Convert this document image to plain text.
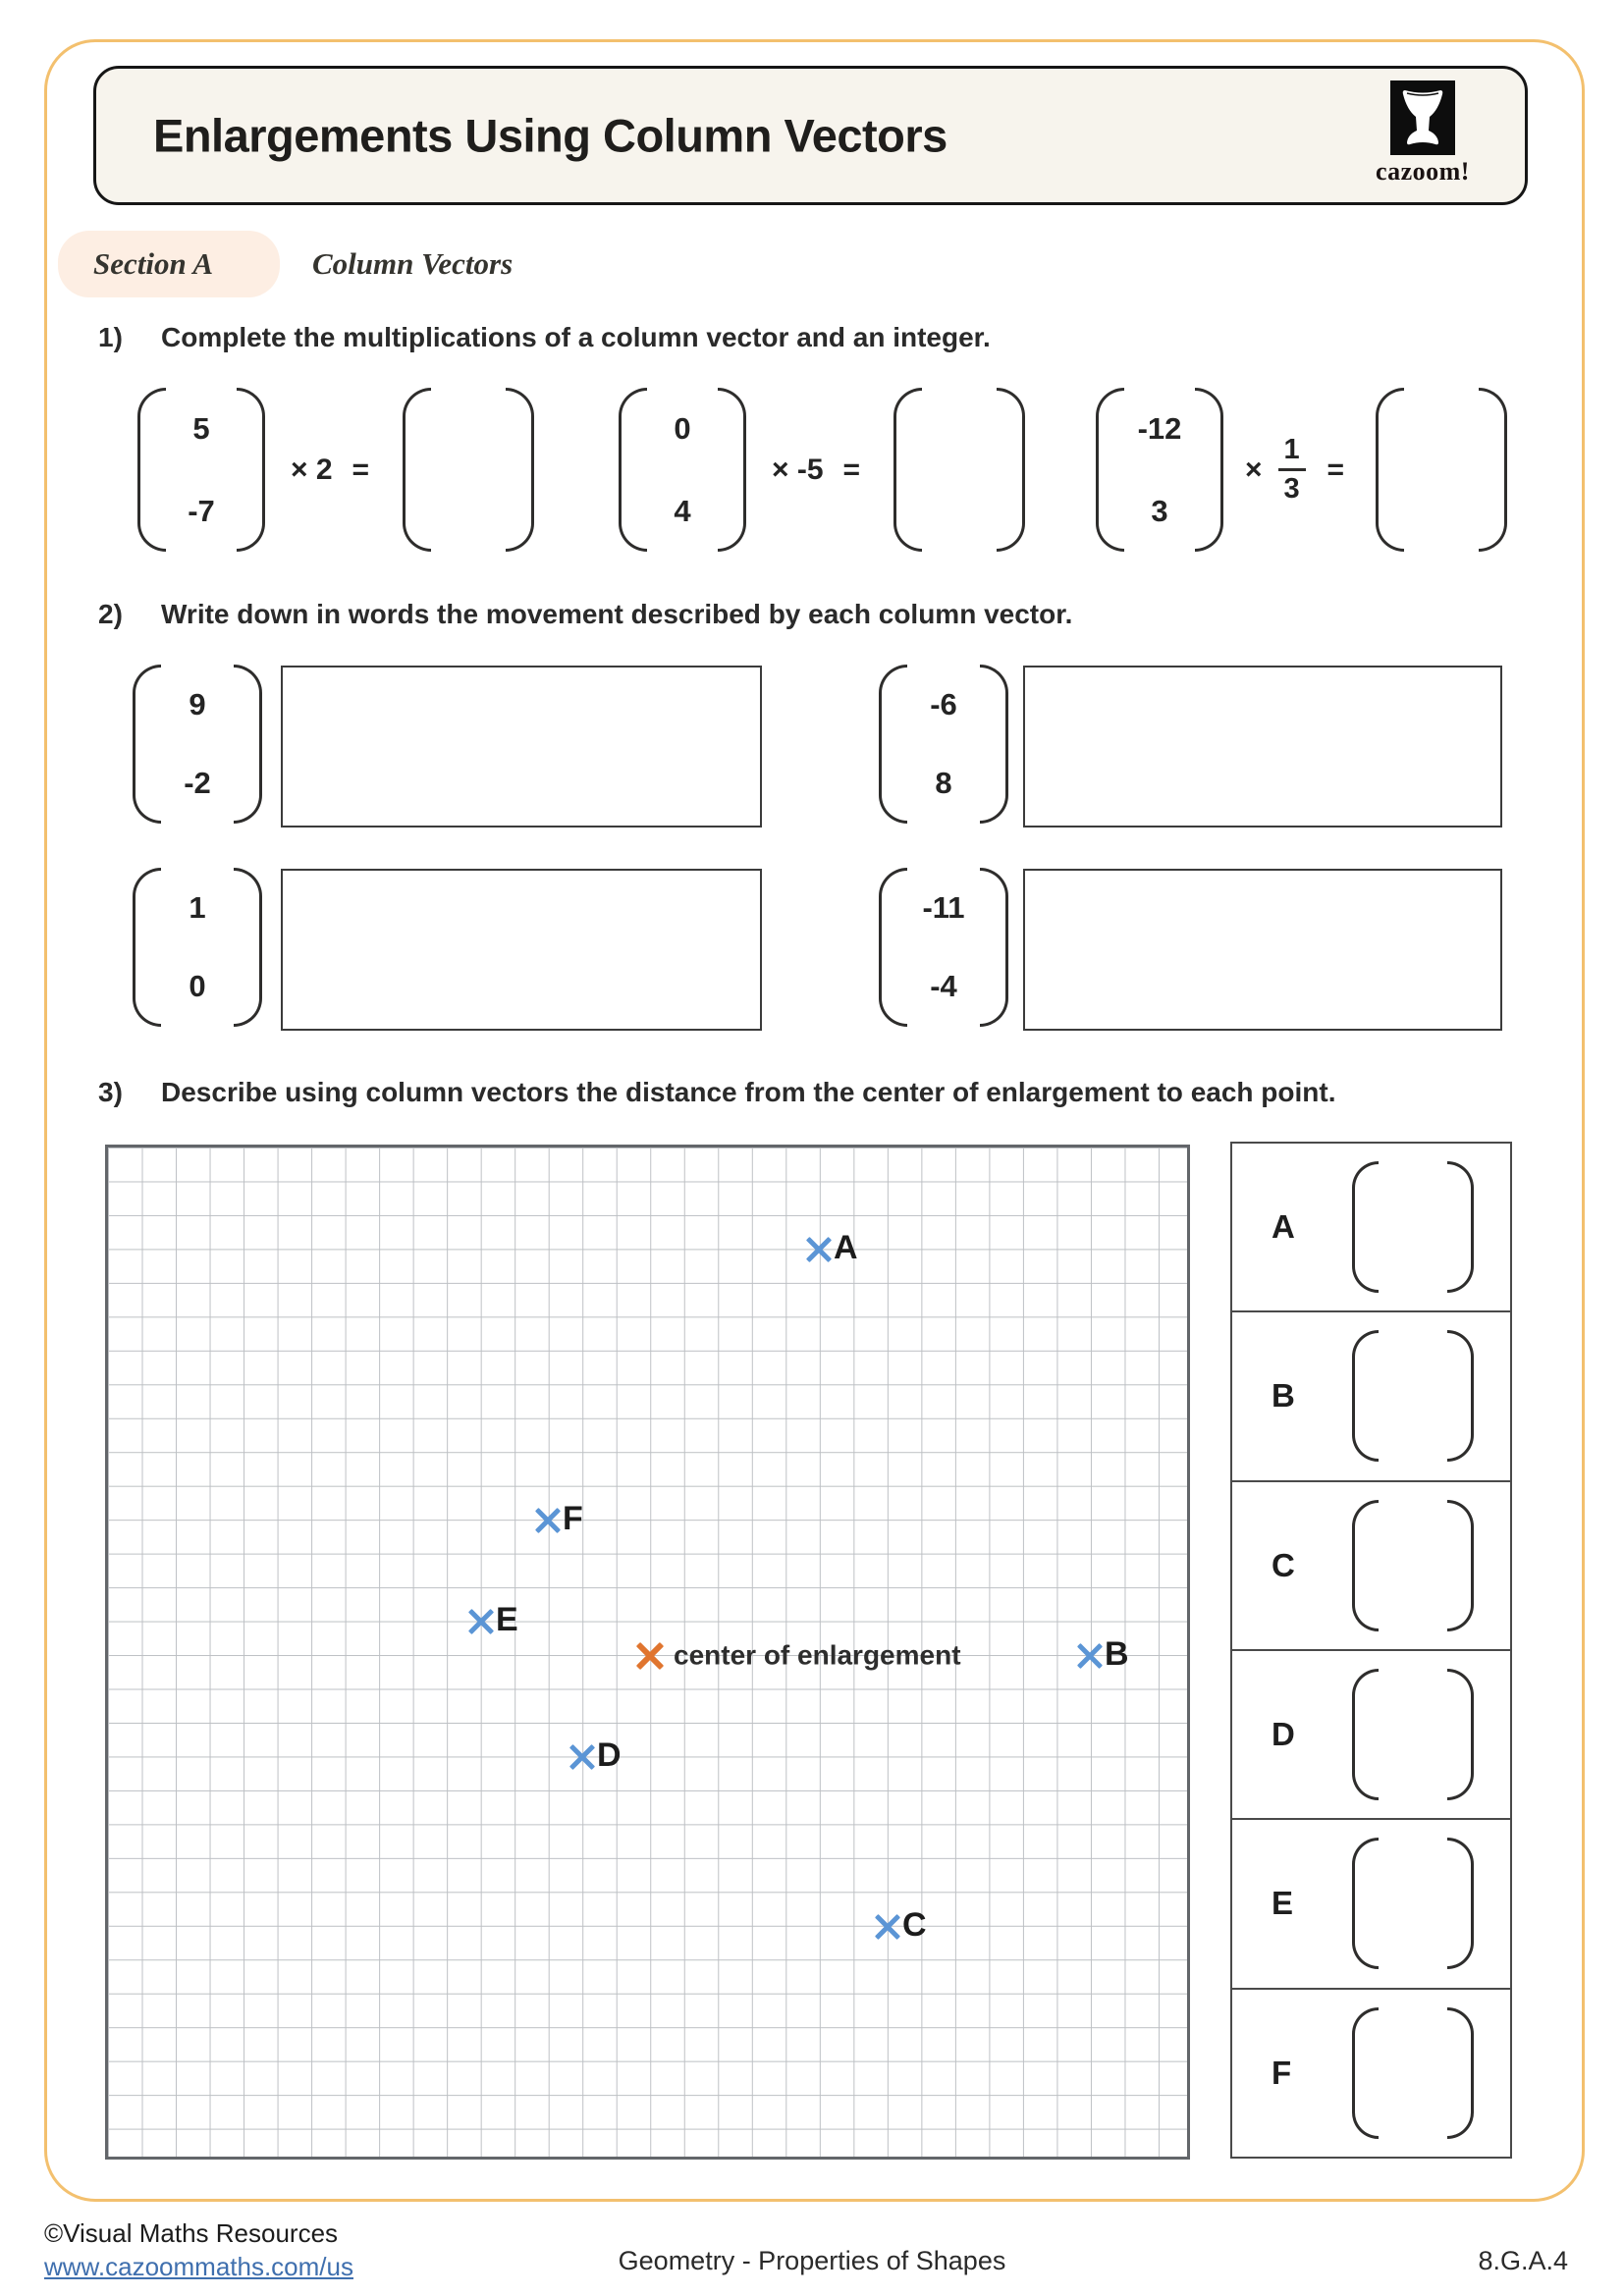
Enlargements Using Column Vectors
cazoom!
Section A	Column Vectors
1)	Complete the multiplications of a column vector and an integer.
5
-7
× 2 =
0
4
× -5 =
-12
3
× $\frac{1}{3}$ =
2)	Write down in words the movement described by each column vector.
9
-2
-6
8
1
0
-11
-4
3)	Describe using column vectors the distance from the center of enlargement to each point.
A
B
C
D
E
F
center of enlargement
A
B
C
D
E
F
©Visual Maths Resources
www.cazoommaths.com/us	Geometry - Properties of Shapes	8.G.A.4
